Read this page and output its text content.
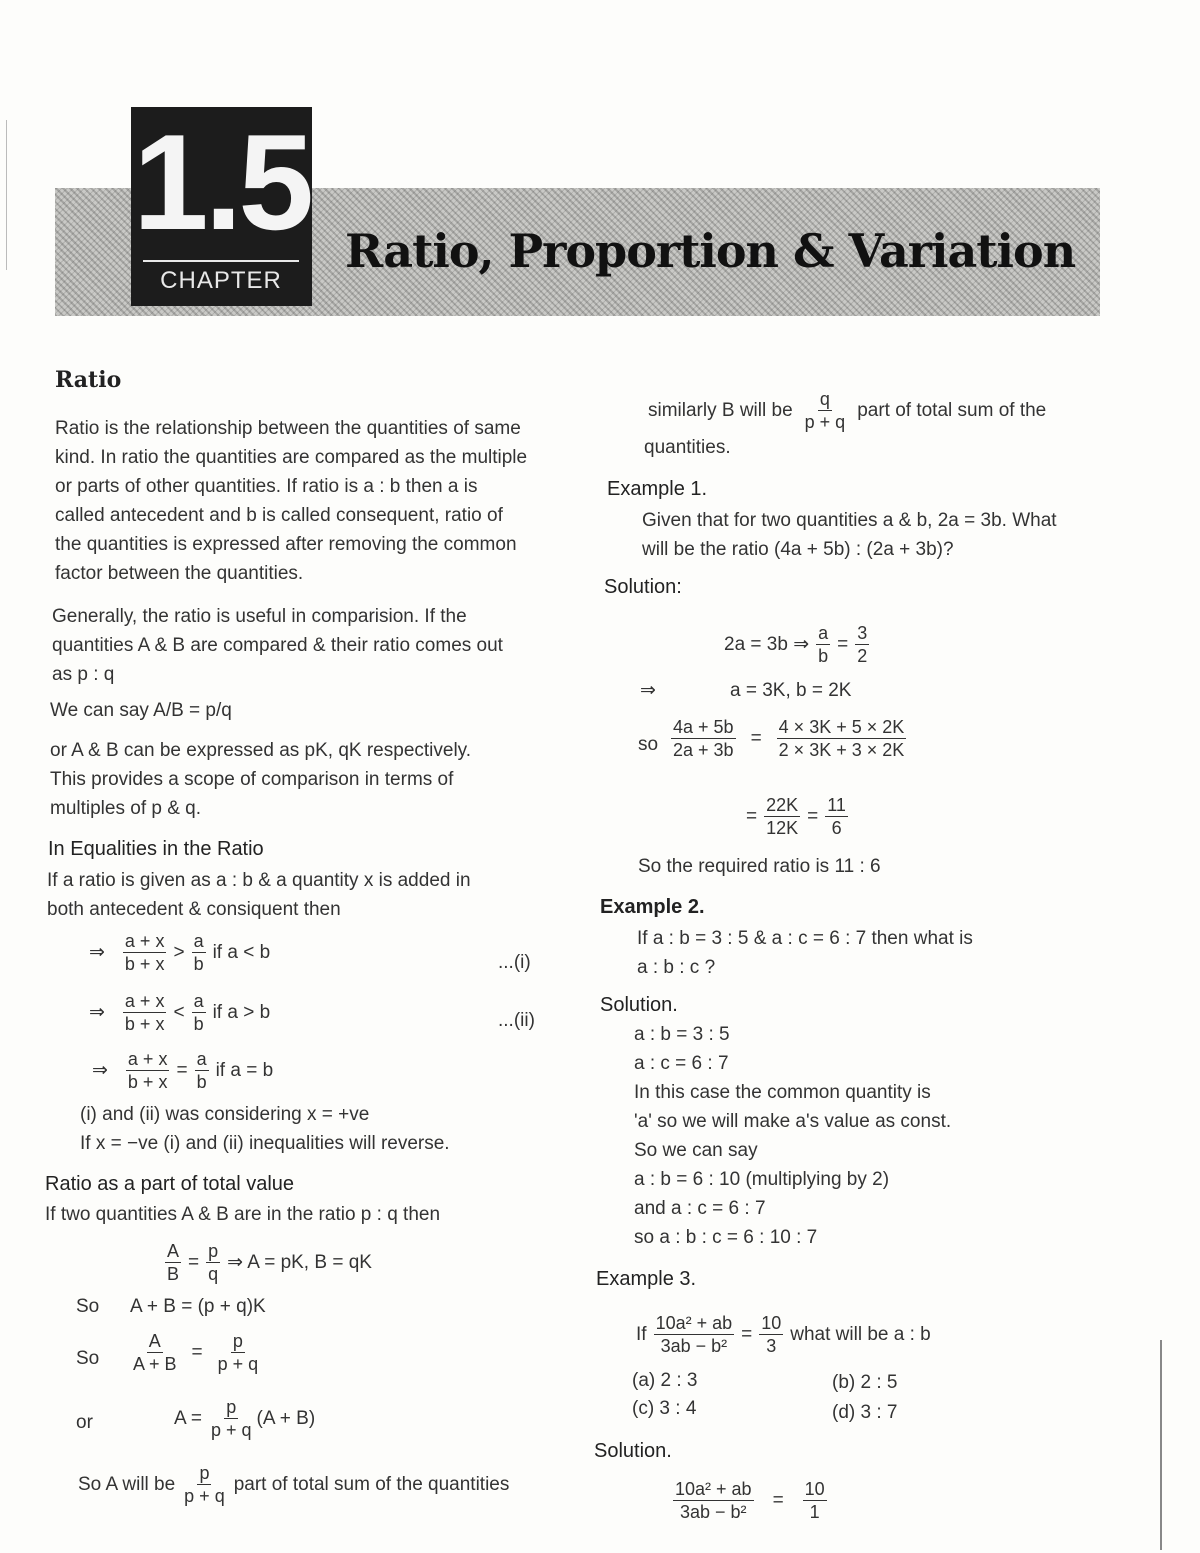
1.5
CHAPTER
Ratio, Proportion & Variation
Ratio
Ratio is the relationship between the quantities of same
kind. In ratio the quantities are compared as the multiple
or parts of other quantities. If ratio is a : b then a is
called antecedent and b is called consequent, ratio of
the quantities is expressed after removing the common
factor between the quantities.
Generally, the ratio is useful in comparision. If the
quantities A & B are compared & their ratio comes out
as p : q
We can say A/B = p/q
or A & B can be expressed as pK, qK respectively.
This provides a scope of comparison in terms of
multiples of p & q.
In Equalities in the Ratio
If a ratio is given as a : b & a quantity x is added in
both antecedent & consiquent then
⇒ $\frac{a + x}{b + x} > \frac{a}{b}$ if a < b	...(i)
⇒ $\frac{a + x}{b + x} < \frac{a}{b}$ if a > b	...(ii)
⇒ $\frac{a + x}{b + x} = \frac{a}{b}$ if a = b
(i) and (ii) was considering x = +ve
If x = −ve (i) and (ii) inequalities will reverse.
Ratio as a part of total value
If two quantities A & B are in the ratio p : q then
$\frac{A}{B} = \frac{p}{q}$ ⇒ A = pK, B = qK
So A + B = (p + q)K
So $\frac{A}{A + B} = \frac{p}{p + q}$
or	$A = \frac{p}{p + q} (A + B)$
So A will be $\frac{p}{p + q}$ part of total sum of the quantities
similarly B will be $\frac{q}{p + q}$ part of total sum of the
quantities.
Example 1.
Given that for two quantities a & b, 2a = 3b. What
will be the ratio (4a + 5b) : (2a + 3b)?
Solution:
2a = 3b ⇒ $\frac{a}{b} = \frac{3}{2}$
⇒	a = 3K, b = 2K
so $\frac{4a + 5b}{2a + 3b} = \frac{4 \times 3K + 5 \times 2K}{2 \times 3K + 3 \times 2K}$
= $\frac{22K}{12K} = \frac{11}{6}$
So the required ratio is 11 : 6
Example 2.
If a : b = 3 : 5 & a : c = 6 : 7 then what is
a : b : c ?
Solution.
a : b = 3 : 5
a : c = 6 : 7
In this case the common quantity is
'a' so we will make a's value as const.
So we can say
a : b = 6 : 10 (multiplying by 2)
and a : c = 6 : 7
so a : b : c = 6 : 10 : 7
Example 3.
If $\frac{\text{10a² + ab}}{\text{3ab − b²}} = \frac{10}{3}$ what will be a : b
(a) 2 : 3	(b) 2 : 5
(c) 3 : 4	(d) 3 : 7
Solution.
$\frac{\text{10a² + ab}}{\text{3ab − b²}} = \frac{10}{1}$
